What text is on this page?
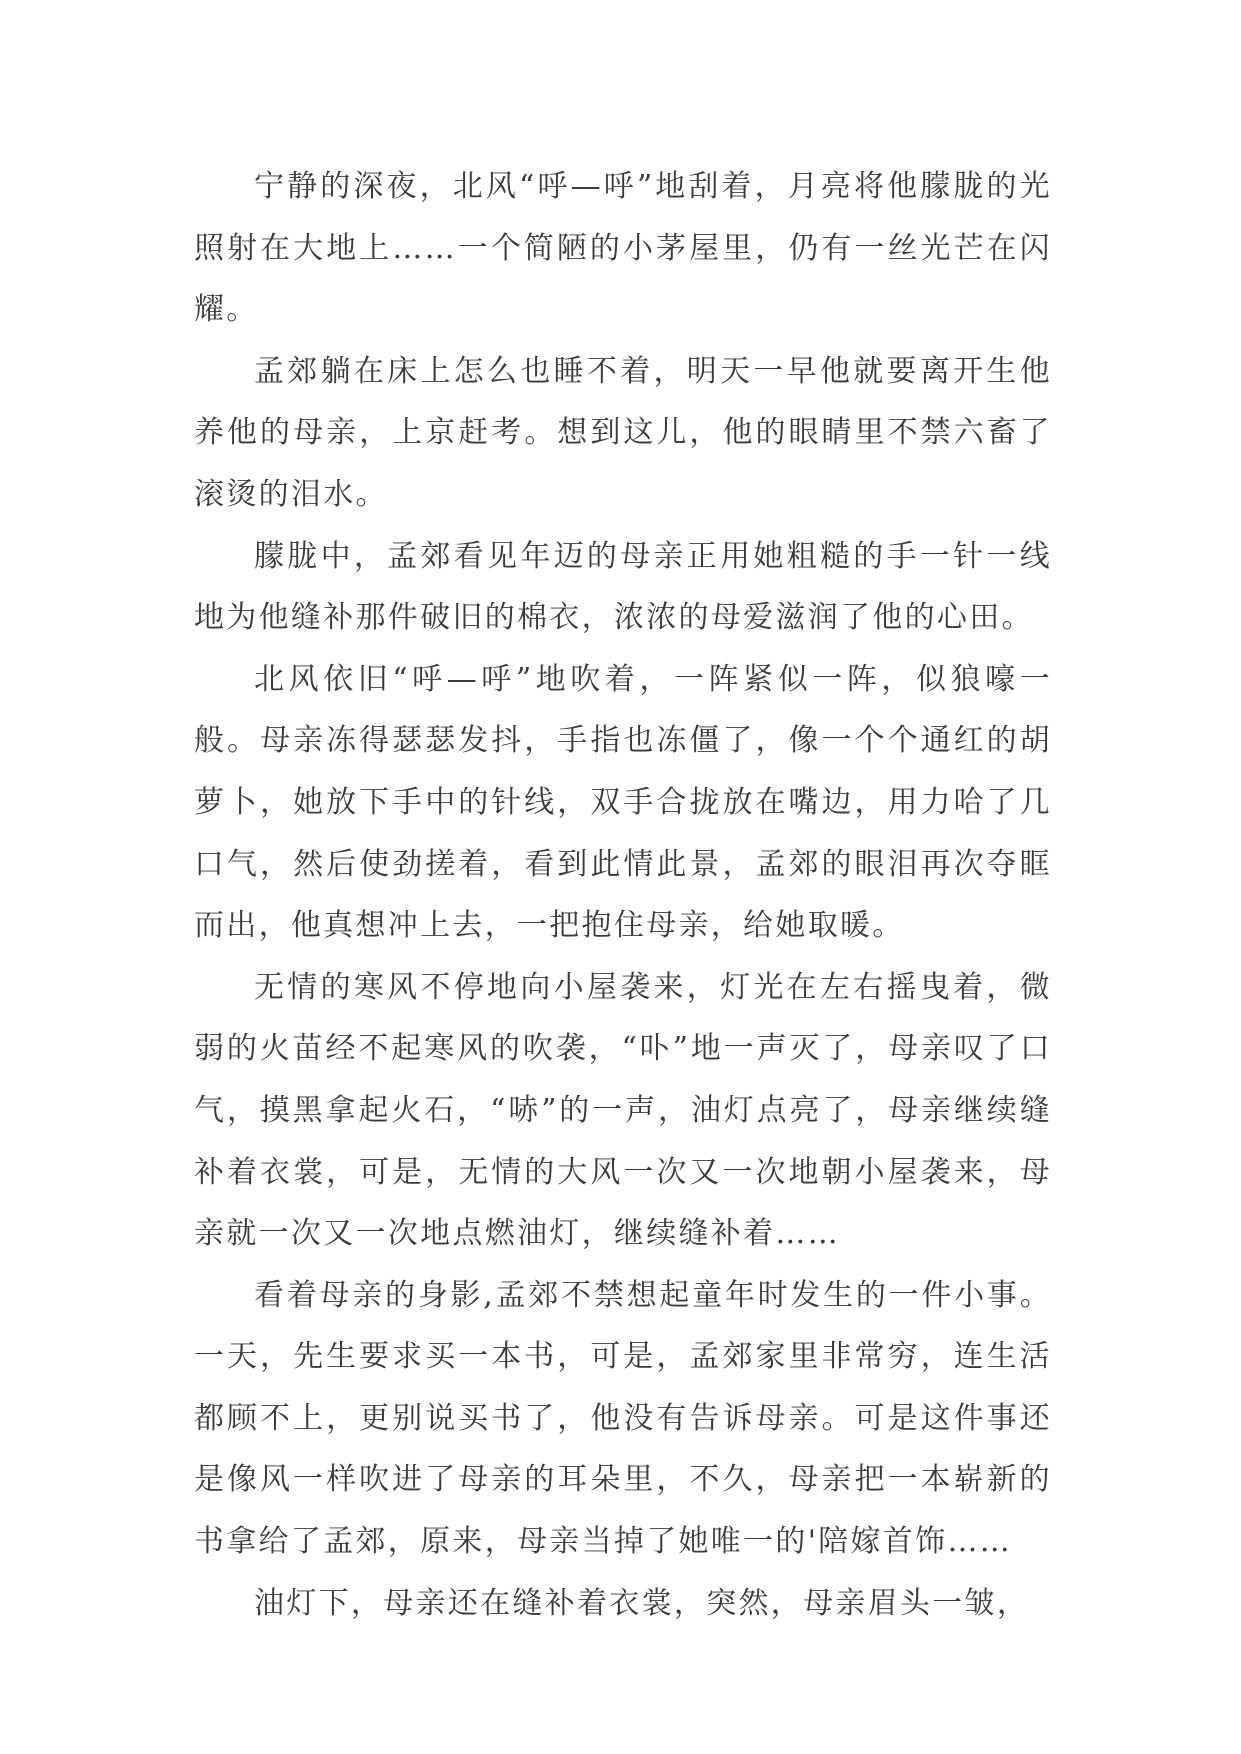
宁静的深夜，北风“呼—呼”地刮着，月亮将他朦胧的光照射在大地上……一个简陋的小茅屋里，仍有一丝光芒在闪耀。

孟郊躺在床上怎么也睡不着，明天一早他就要离开生他养他的母亲，上京赶考。想到这儿，他的眼睛里不禁六畜了滚烫的泪水。

朦胧中，孟郊看见年迈的母亲正用她粗糙的手一针一线地为他缝补那件破旧的棉衣，浓浓的母爱滋润了他的心田。

北风依旧“呼—呼”地吹着，一阵紧似一阵，似狼嚎一般。母亲冻得瑟瑟发抖，手指也冻僵了，像一个个通红的胡萝卜，她放下手中的针线，双手合拢放在嘴边，用力哈了几口气，然后使劲搓着，看到此情此景，孟郊的眼泪再次夺眶而出，他真想冲上去，一把抱住母亲，给她取暖。

无情的寒风不停地向小屋袭来，灯光在左右摇曳着，微弱的火苗经不起寒风的吹袭，“卟”地一声灭了，母亲叹了口气，摸黑拿起火石，“哧”的一声，油灯点亮了，母亲继续缝补着衣裳，可是，无情的大风一次又一次地朝小屋袭来，母亲就一次又一次地点燃油灯，继续缝补着……

看着母亲的身影,孟郊不禁想起童年时发生的一件小事。一天，先生要求买一本书，可是，孟郊家里非常穷，连生活都顾不上，更别说买书了，他没有告诉母亲。可是这件事还是像风一样吹进了母亲的耳朵里，不久，母亲把一本崭新的书拿给了孟郊，原来，母亲当掉了她唯一的'陪嫁首饰……

油灯下，母亲还在缝补着衣裳，突然，母亲眉头一皱，
